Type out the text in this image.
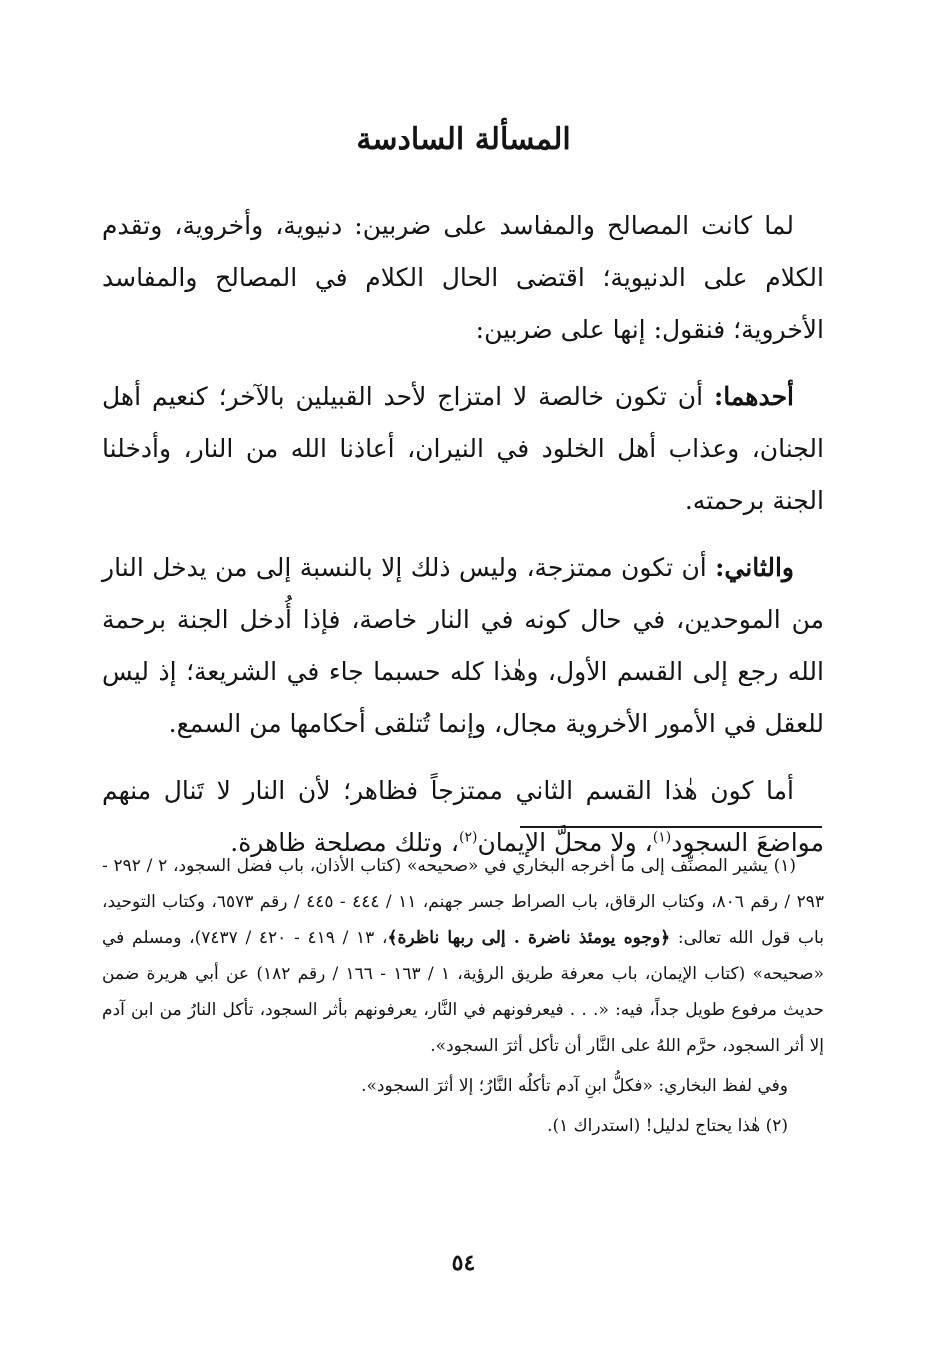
المسألة السادسة

لما كانت المصالح والمفاسد على ضربين: دنيوية، وأخروية، وتقدم الكلام على الدنيوية؛ اقتضى الحال الكلام في المصالح والمفاسد الأخروية؛ فنقول: إنها على ضربين:

أحدهما: أن تكون خالصة لا امتزاج لأحد القبيلين بالآخر؛ كنعيم أهل الجنان، وعذاب أهل الخلود في النيران، أعاذنا الله من النار، وأدخلنا الجنة برحمته.

والثاني: أن تكون ممتزجة، وليس ذلك إلا بالنسبة إلى من يدخل النار من الموحدين، في حال كونه في النار خاصة، فإذا أُدخل الجنة برحمة الله رجع إلى القسم الأول، وهٰذا كله حسبما جاء في الشريعة؛ إذ ليس للعقل في الأمور الأخروية مجال، وإنما تُتلقى أحكامها من السمع.

أما كون هٰذا القسم الثاني ممتزجاً فظاهر؛ لأن النار لا تَنال منهم مواضعَ السجود$^{(١)}$، ولا محلَّ الإيمان$^{(٢)}$، وتلك مصلحة ظاهرة.

(١) يشير المصنِّف إلى ما أخرجه البخاري في «صحيحه» (كتاب الأذان، باب فضل السجود، ٢ / ٢٩٢ - ٢٩٣ / رقم ٨٠٦، وكتاب الرقاق، باب الصراط جسر جهنم، ١١ / ٤٤٤ - ٤٤٥ / رقم ٦٥٧٣، وكتاب التوحيد، باب قول الله تعالى: ﴿وجوه يومئذ ناضرة . إلى ربها ناظرة﴾، ١٣ / ٤١٩ - ٤٢٠ / ٧٤٣٧)، ومسلم في «صحيحه» (كتاب الإيمان، باب معرفة طريق الرؤية، ١ / ١٦٣ - ١٦٦ / رقم ١٨٢) عن أبي هريرة ضمن حديث مرفوع طويل جداً، فيه: «. . . فيعرفونهم في النَّار، يعرفونهم بأثر السجود، تأكل النارُ من ابن آدم إلا أثر السجود، حرَّم اللهُ على النَّار أن تأكل أثرَ السجود».

وفي لفظ البخاري: «فكلُّ ابنِ آدم تأكلُه النَّارُ؛ إلا أثرَ السجود».

(٢) هٰذا يحتاج لدليل! (استدراك ١).

٥٤
